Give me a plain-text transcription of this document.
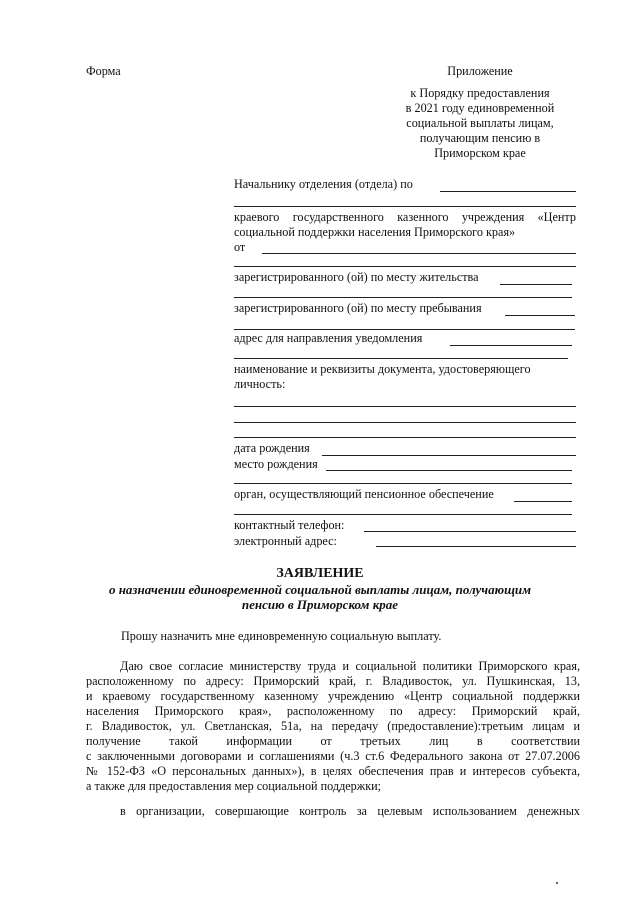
Форма	Приложение
к Порядку предоставления
в 2021 году единовременной
социальной выплаты лицам,
получающим пенсию в
Приморском крае
Начальнику отделения (отдела) по
краевого государственного казенного учреждения «Центр
социальной поддержки населения Приморского края»
от
зарегистрированного (ой) по месту жительства
зарегистрированного (ой) по месту пребывания
адрес для направления уведомления
наименование и реквизиты документа, удостоверяющего
личность:
дата рождения
место рождения
орган, осуществляющий пенсионное обеспечение
контактный телефон:
электронный адрес:
ЗАЯВЛЕНИЕ
о назначении единовременной социальной выплаты лицам, получающим
пенсию в Приморском крае
Прошу назначить мне единовременную социальную выплату.
Даю свое согласие министерству труда и социальной политики Приморского края,
расположенному по адресу: Приморский край, г. Владивосток, ул. Пушкинская, 13,
и краевому государственному казенному учреждению «Центр социальной поддержки
населения Приморского края», расположенному по адресу: Приморский край,
г. Владивосток, ул. Светланская, 51а, на передачу (предоставление):третьим лицам и
получение такой информации от третьих лиц в соответствии
с заключенными договорами и соглашениями (ч.3 ст.6 Федерального закона от 27.07.2006
№ 152-ФЗ «О персональных данных»), в целях обеспечения прав и интересов субъекта,
а также для предоставления мер социальной поддержки;
в организации, совершающие контроль за целевым использованием денежных
